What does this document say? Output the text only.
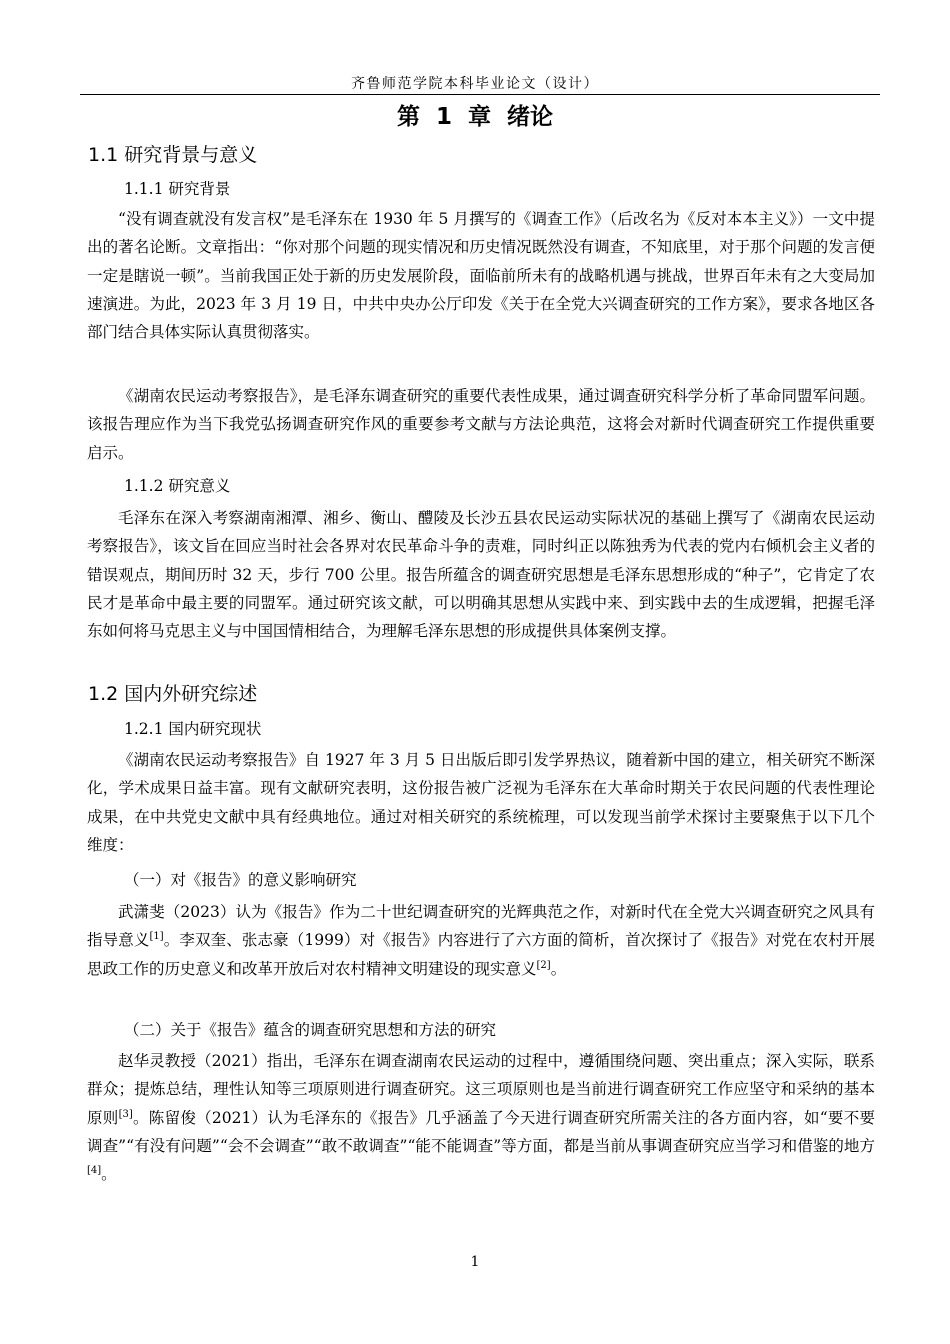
齐鲁师范学院本科毕业论文（设计）
第 1 章 绪论
1.1 研究背景与意义
1.1.1 研究背景

“没有调查就没有发言权”是毛泽东在 1930 年 5 月撰写的《调查工作》（后改名为《反对本本主义》）一文中提出的著名论断。文章指出：“你对那个问题的现实情况和历史情况既然没有调查，不知底里，对于那个问题的发言便一定是瞎说一顿”。当前我国正处于新的历史发展阶段，面临前所未有的战略机遇与挑战，世界百年未有之大变局加速演进。为此，2023 年 3 月 19 日，中共中央办公厅印发《关于在全党大兴调查研究的工作方案》，要求各地区各部门结合具体实际认真贯彻落实。

《湖南农民运动考察报告》，是毛泽东调查研究的重要代表性成果，通过调查研究科学分析了革命同盟军问题。该报告理应作为当下我党弘扬调查研究作风的重要参考文献与方法论典范，这将会对新时代调查研究工作提供重要启示。

1.1.2 研究意义

毛泽东在深入考察湖南湘潭、湘乡、衡山、醴陵及长沙五县农民运动实际状况的基础上撰写了《湖南农民运动考察报告》，该文旨在回应当时社会各界对农民革命斗争的责难，同时纠正以陈独秀为代表的党内右倾机会主义者的错误观点，期间历时 32 天，步行 700 公里。报告所蕴含的调查研究思想是毛泽东思想形成的“种子”，它肯定了农民才是革命中最主要的同盟军。通过研究该文献，可以明确其思想从实践中来、到实践中去的生成逻辑，把握毛泽东如何将马克思主义与中国国情相结合，为理解毛泽东思想的形成提供具体案例支撑。

1.2 国内外研究综述
1.2.1 国内研究现状

《湖南农民运动考察报告》自 1927 年 3 月 5 日出版后即引发学界热议，随着新中国的建立，相关研究不断深化，学术成果日益丰富。现有文献研究表明，这份报告被广泛视为毛泽东在大革命时期关于农民问题的代表性理论成果，在中共党史文献中具有经典地位。通过对相关研究的系统梳理，可以发现当前学术探讨主要聚焦于以下几个维度：

（一）对《报告》的意义影响研究

武潇斐（2023）认为《报告》作为二十世纪调查研究的光辉典范之作，对新时代在全党大兴调查研究之风具有指导意义[1]。李双奎、张志豪（1999）对《报告》内容进行了六方面的简析，首次探讨了《报告》对党在农村开展思政工作的历史意义和改革开放后对农村精神文明建设的现实意义[2]。

（二）关于《报告》蕴含的调查研究思想和方法的研究

赵华灵教授（2021）指出，毛泽东在调查湖南农民运动的过程中，遵循围绕问题、突出重点；深入实际，联系群众；提炼总结，理性认知等三项原则进行调查研究。这三项原则也是当前进行调查研究工作应坚守和采纳的基本原则[3]。陈留俊（2021）认为毛泽东的《报告》几乎涵盖了今天进行调查研究所需关注的各方面内容，如“要不要调查”“有没有问题”“会不会调查”“敢不敢调查”“能不能调查”等方面，都是当前从事调查研究应当学习和借鉴的地方[4]。

1
